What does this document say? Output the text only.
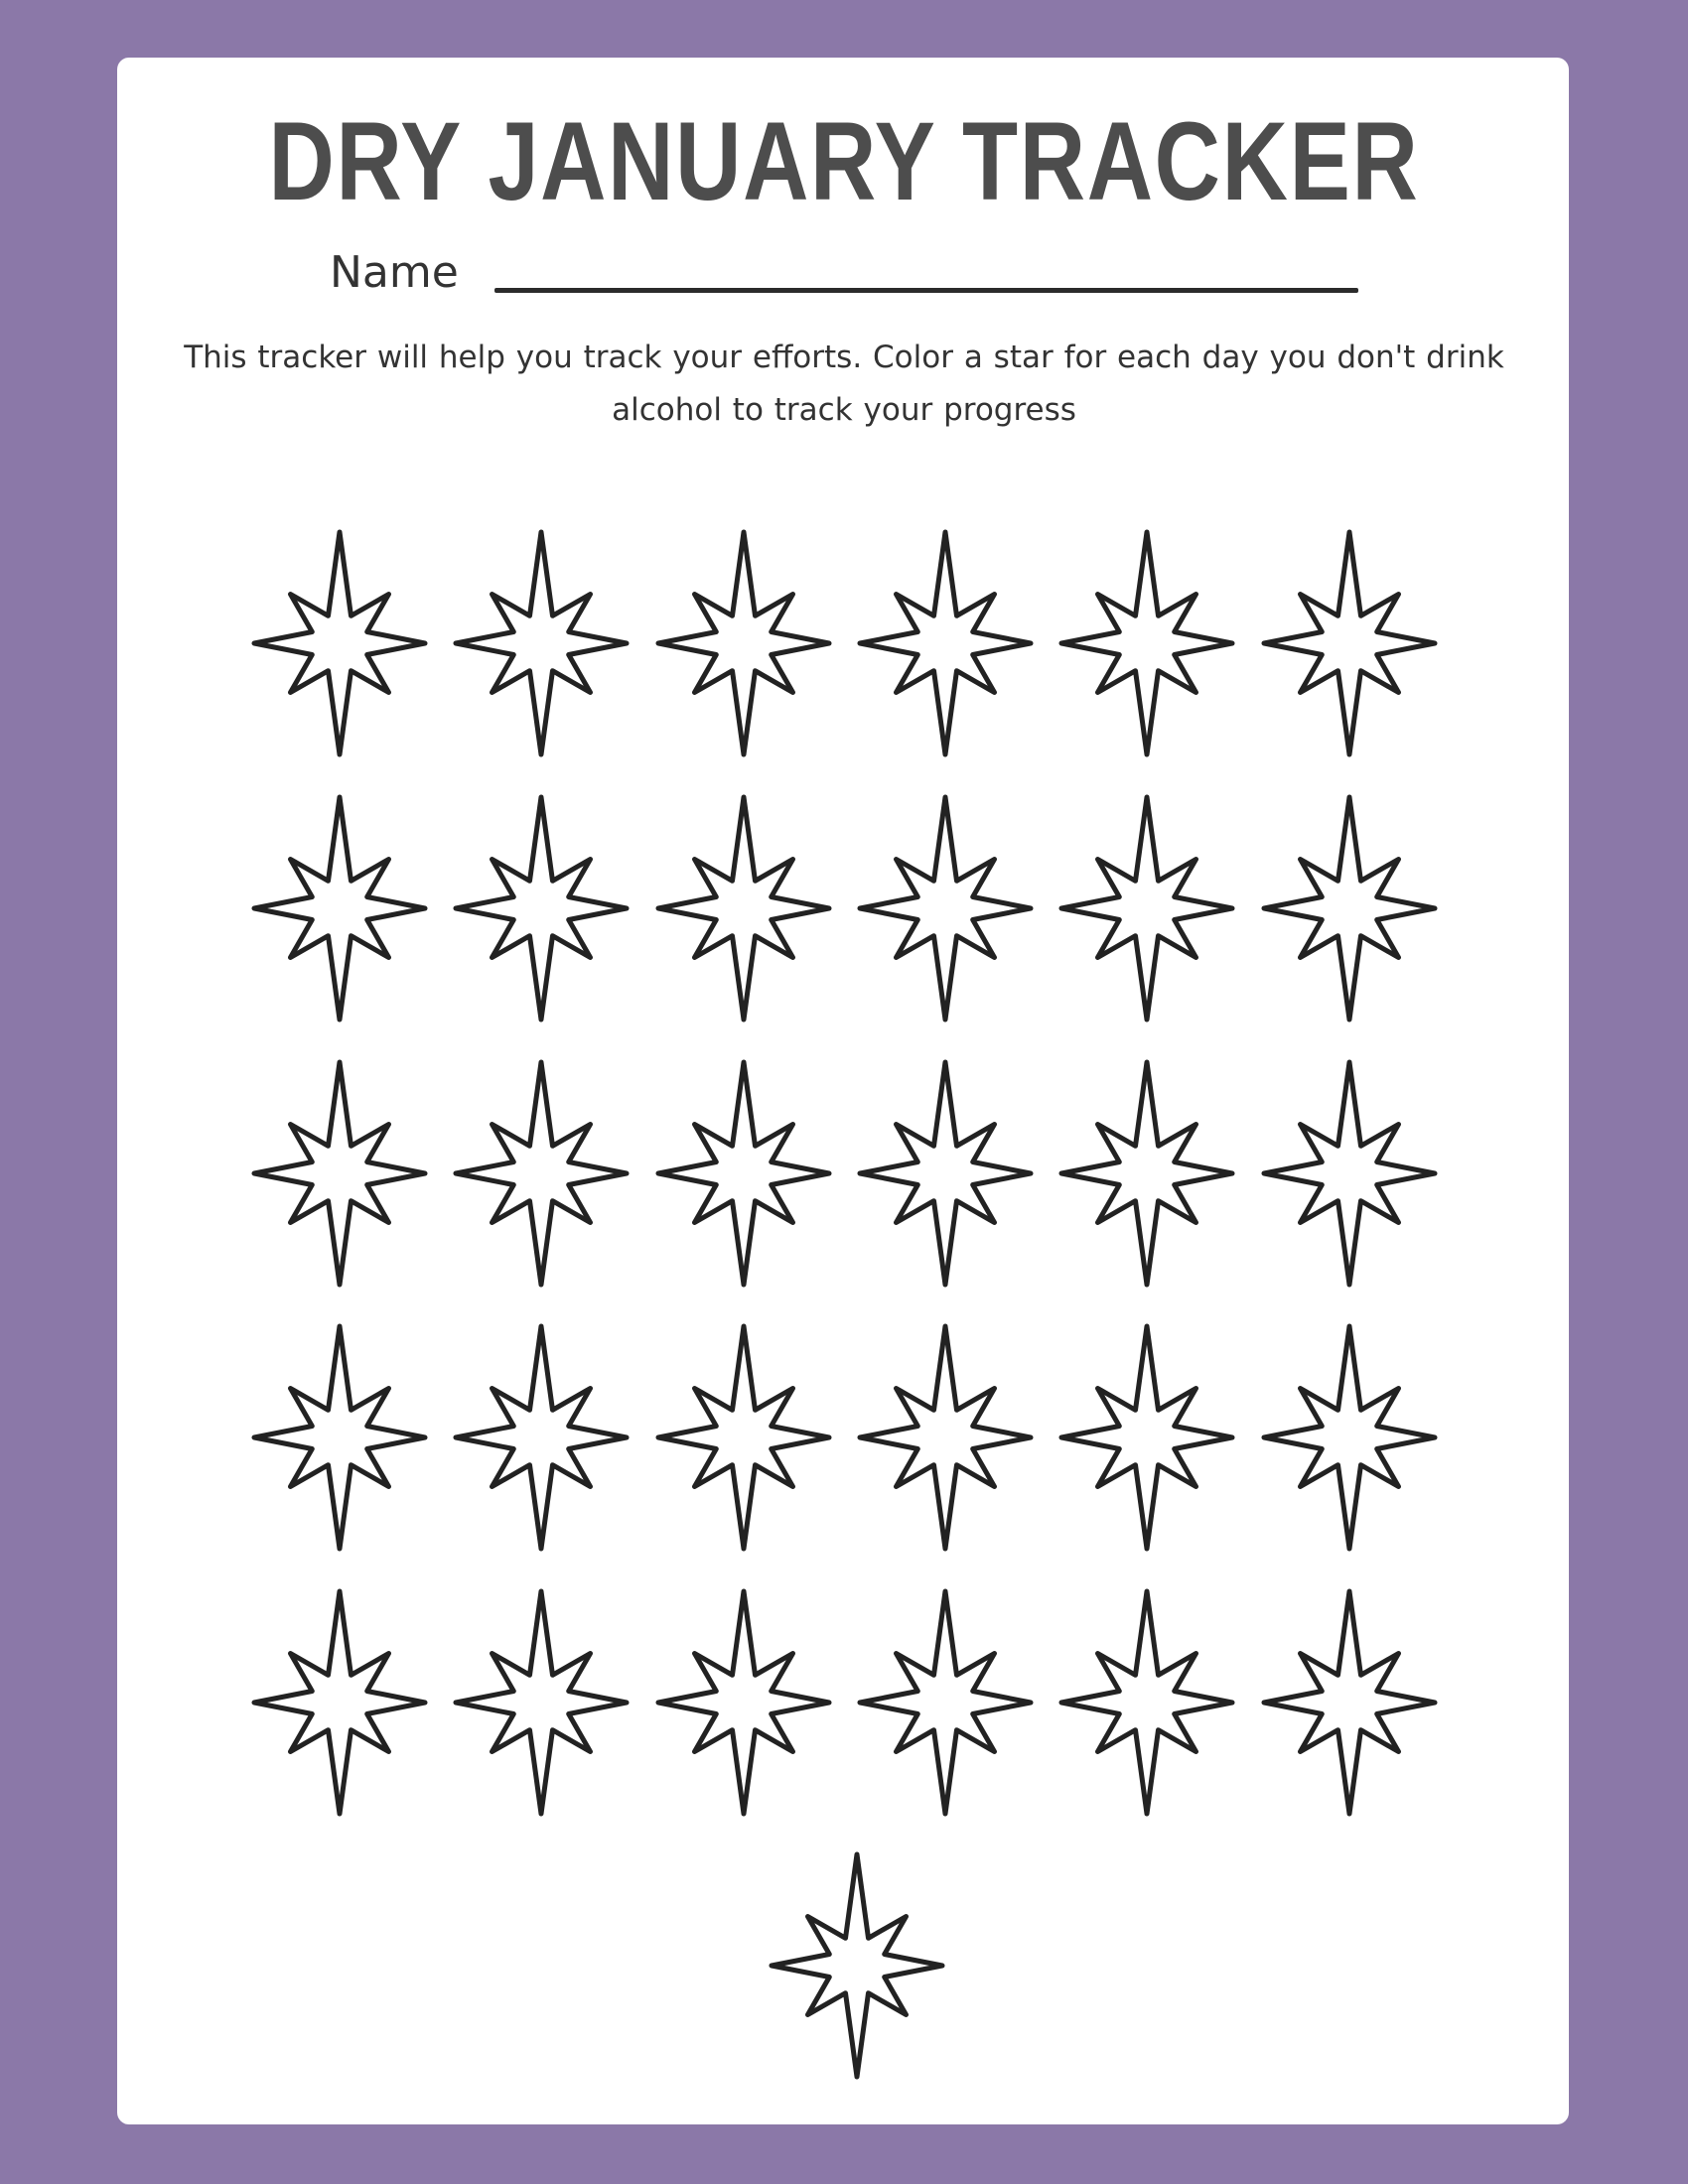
DRY JANUARY TRACKER
Name
This tracker will help you track your efforts. Color a star for each day you don't drink alcohol to track your progress
